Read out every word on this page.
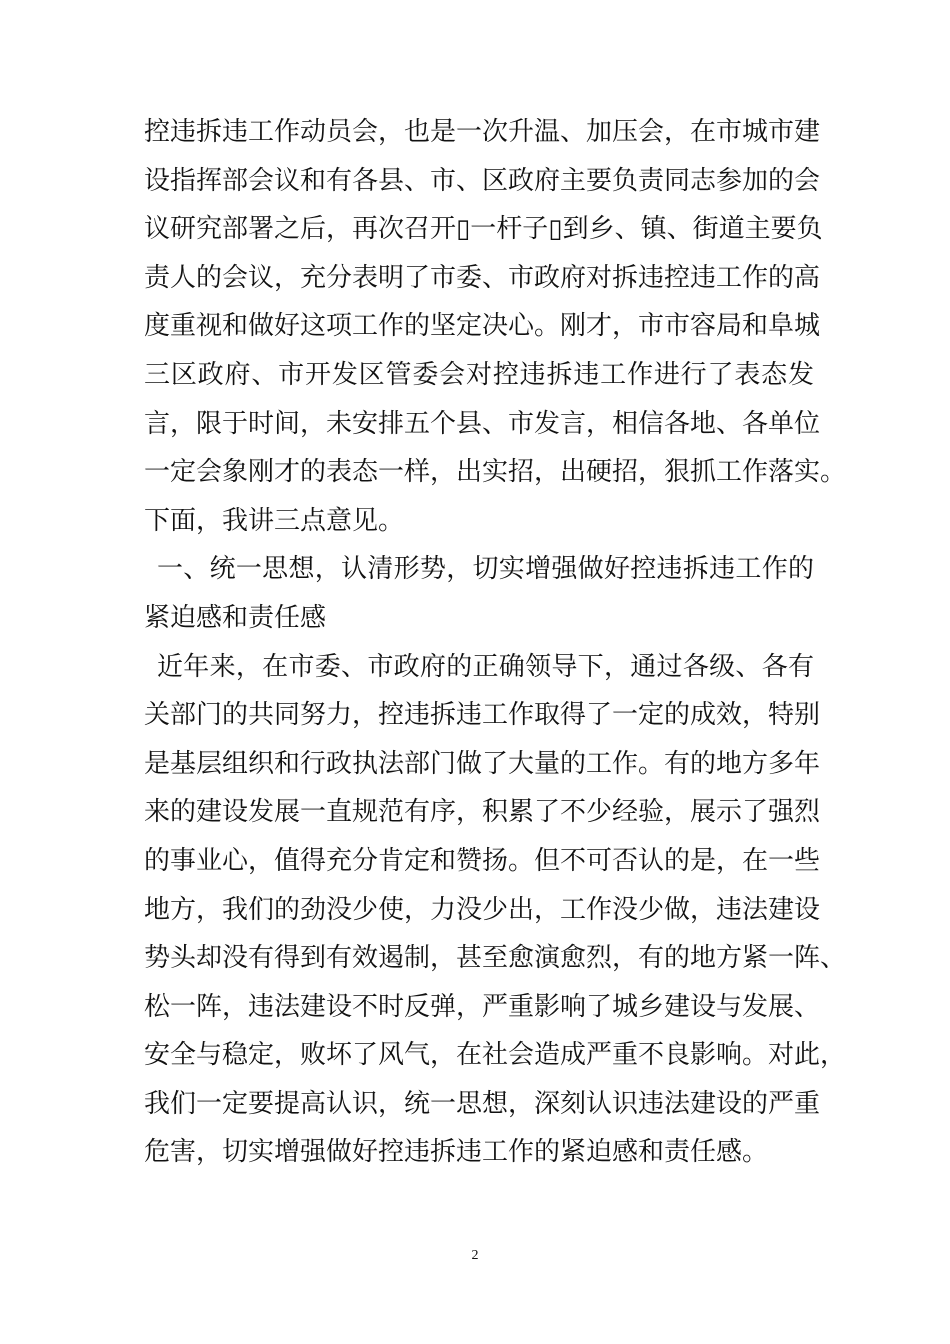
控违拆违工作动员会，也是一次升温、加压会，在市城市建
设指挥部会议和有各县、市、区政府主要负责同志参加的会
议研究部署之后，再次召开▯一杆子▯到乡、镇、街道主要负
责人的会议，充分表明了市委、市政府对拆违控违工作的高
度重视和做好这项工作的坚定决心。刚才，市市容局和阜城
三区政府、市开发区管委会对控违拆违工作进行了表态发
言，限于时间，未安排五个县、市发言，相信各地、各单位
一定会象刚才的表态一样，出实招，出硬招，狠抓工作落实。
下面，我讲三点意见。
一、统一思想，认清形势，切实增强做好控违拆违工作的
紧迫感和责任感
近年来，在市委、市政府的正确领导下，通过各级、各有
关部门的共同努力，控违拆违工作取得了一定的成效，特别
是基层组织和行政执法部门做了大量的工作。有的地方多年
来的建设发展一直规范有序，积累了不少经验，展示了强烈
的事业心，值得充分肯定和赞扬。但不可否认的是，在一些
地方，我们的劲没少使，力没少出，工作没少做，违法建设
势头却没有得到有效遏制，甚至愈演愈烈，有的地方紧一阵、
松一阵，违法建设不时反弹，严重影响了城乡建设与发展、
安全与稳定，败坏了风气，在社会造成严重不良影响。对此，
我们一定要提高认识，统一思想，深刻认识违法建设的严重
危害，切实增强做好控违拆违工作的紧迫感和责任感。
2
